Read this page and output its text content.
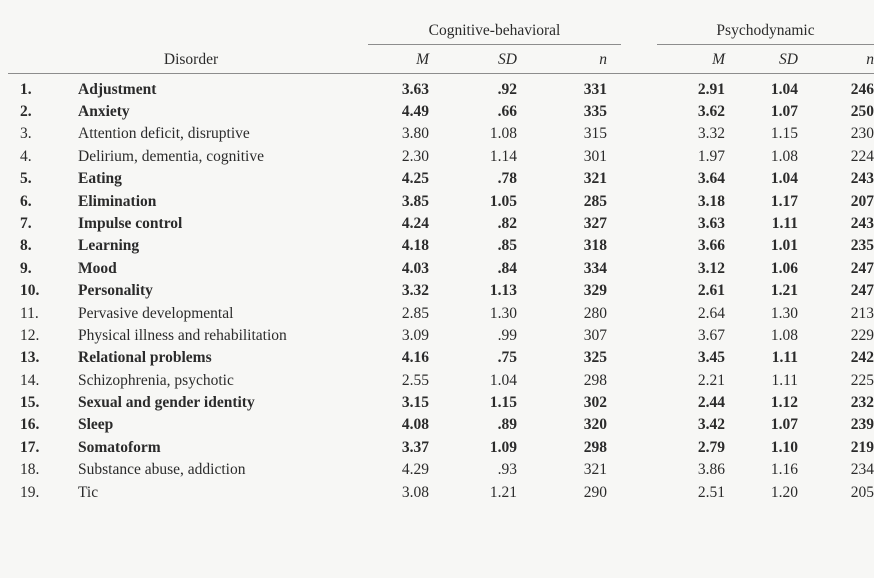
		Cognitive-behavioral				Psychodynamic		
	Disorder	M	SD	n		M	SD	n

1.	Adjustment	3.63	.92	331		2.91	1.04	246
2.	Anxiety	4.49	.66	335		3.62	1.07	250
3.	Attention deficit, disruptive	3.80	1.08	315		3.32	1.15	230
4.	Delirium, dementia, cognitive	2.30	1.14	301		1.97	1.08	224
5.	Eating	4.25	.78	321		3.64	1.04	243
6.	Elimination	3.85	1.05	285		3.18	1.17	207
7.	Impulse control	4.24	.82	327		3.63	1.11	243
8.	Learning	4.18	.85	318		3.66	1.01	235
9.	Mood	4.03	.84	334		3.12	1.06	247
10.	Personality	3.32	1.13	329		2.61	1.21	247
11.	Pervasive developmental	2.85	1.30	280		2.64	1.30	213
12.	Physical illness and rehabilitation	3.09	.99	307		3.67	1.08	229
13.	Relational problems	4.16	.75	325		3.45	1.11	242
14.	Schizophrenia, psychotic	2.55	1.04	298		2.21	1.11	225
15.	Sexual and gender identity	3.15	1.15	302		2.44	1.12	232
16.	Sleep	4.08	.89	320		3.42	1.07	239
17.	Somatoform	3.37	1.09	298		2.79	1.10	219
18.	Substance abuse, addiction	4.29	.93	321		3.86	1.16	234
19.	Tic	3.08	1.21	290		2.51	1.20	205
